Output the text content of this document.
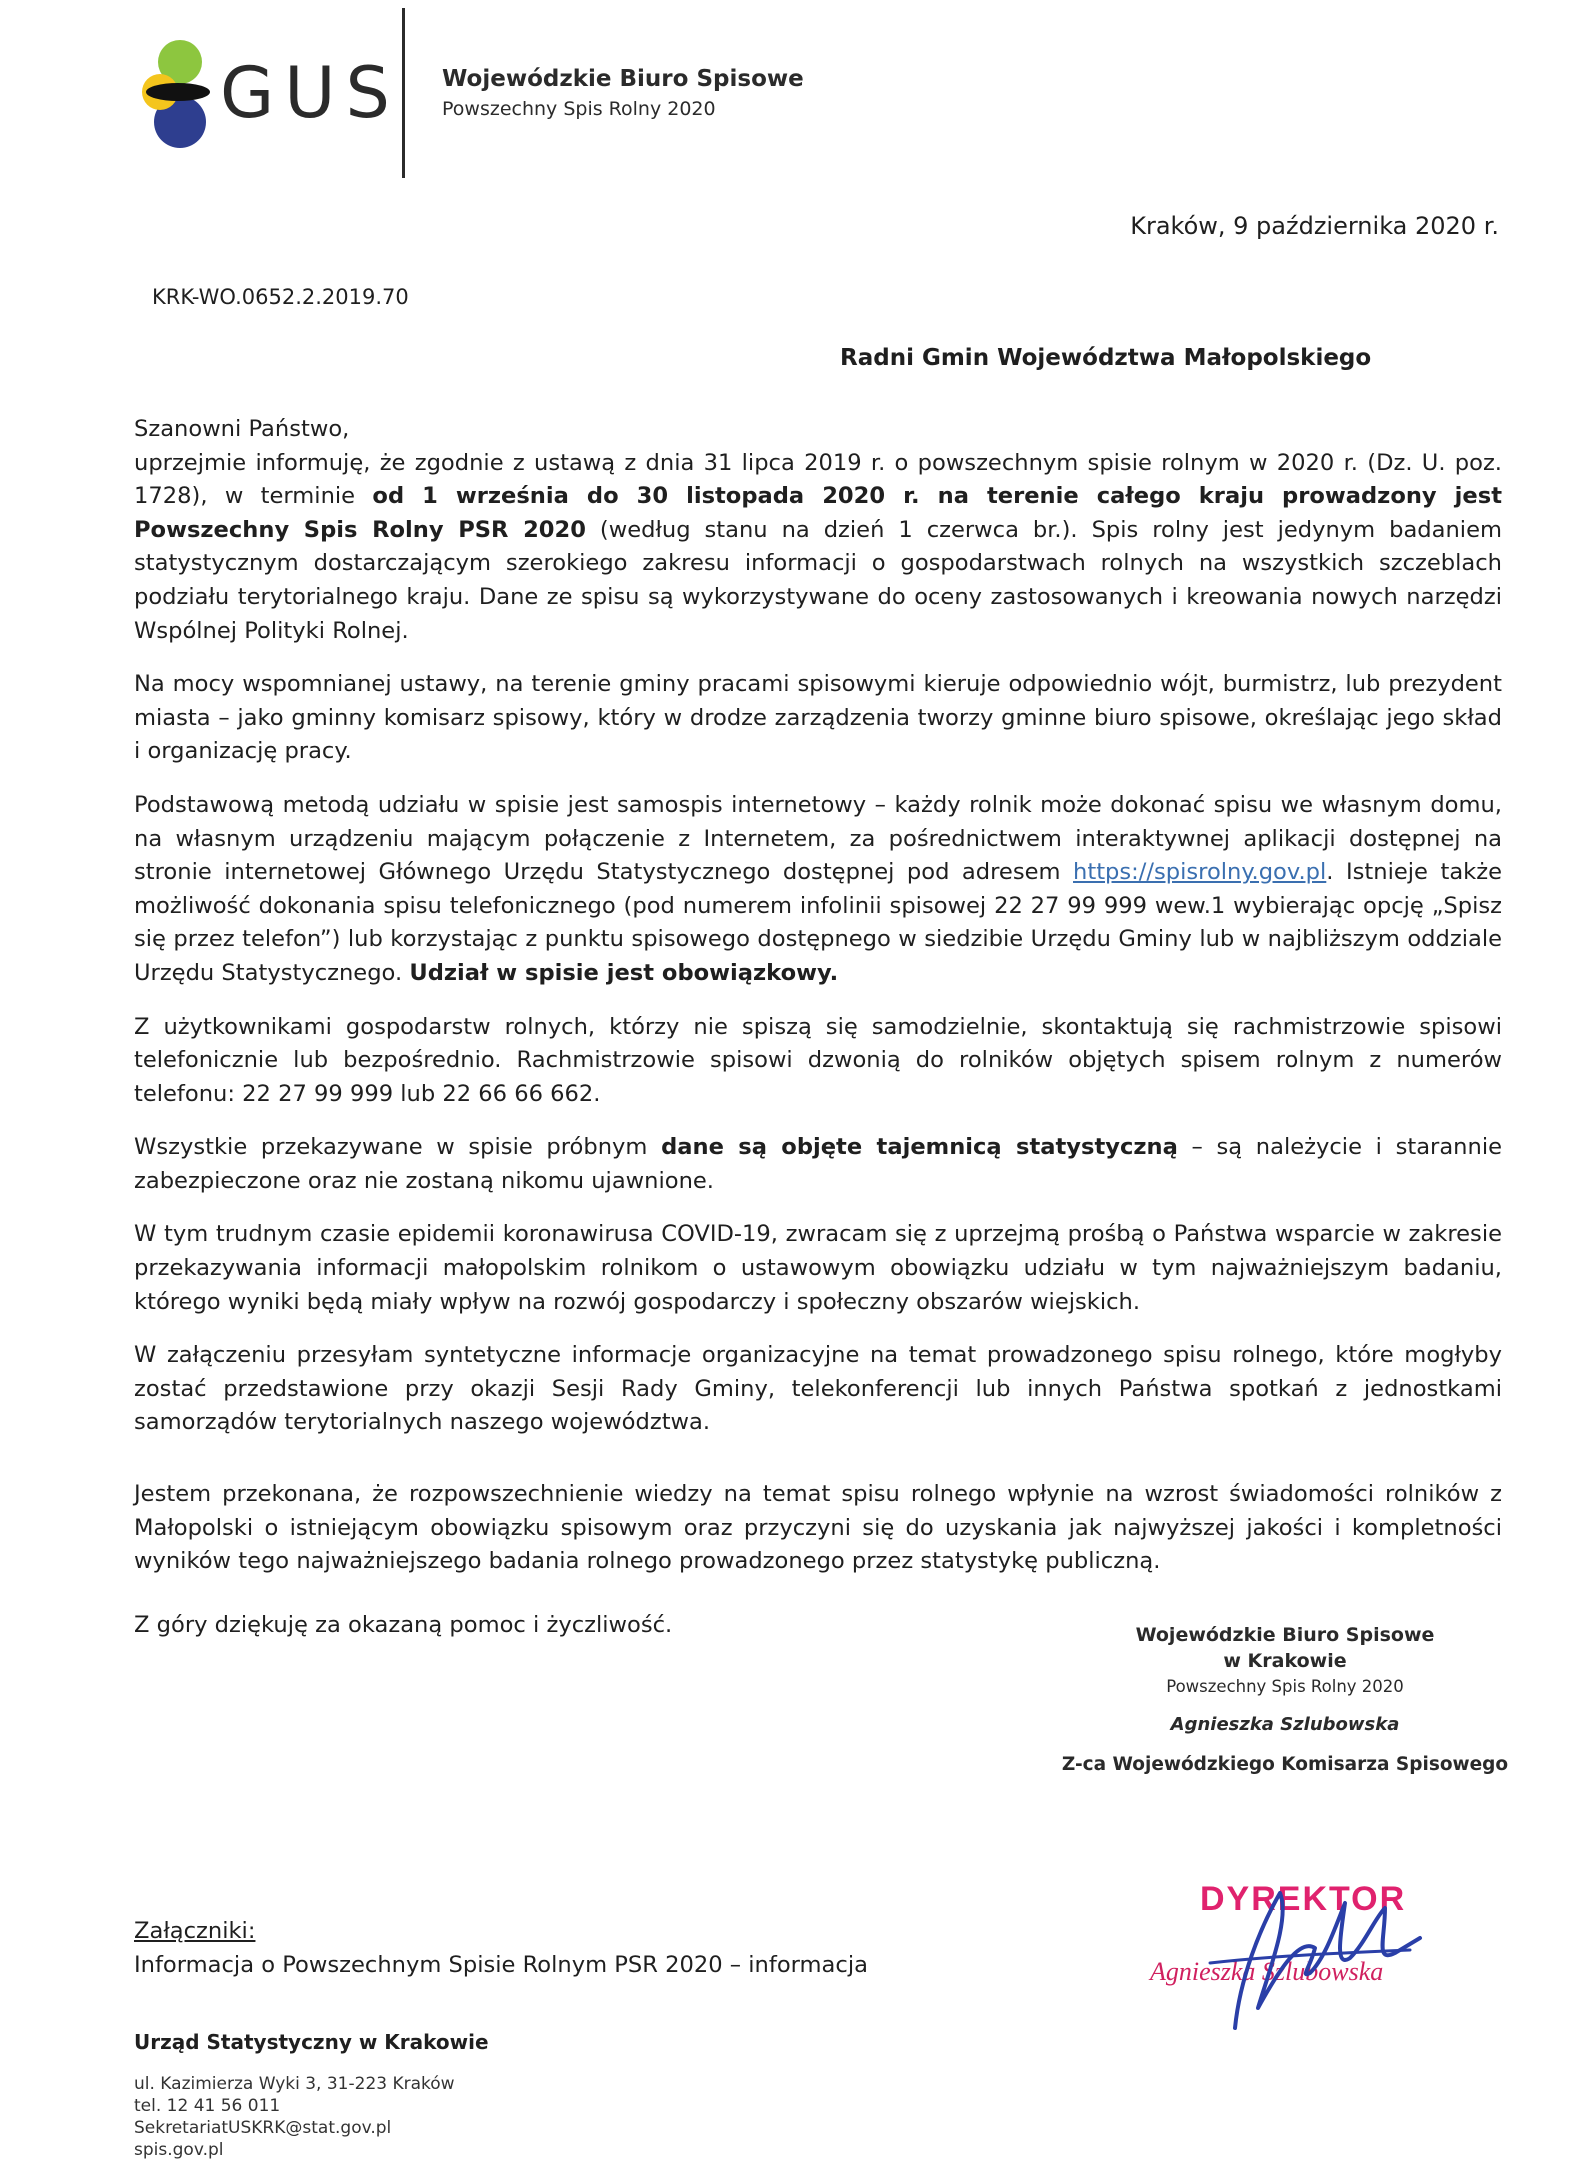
GUS Wojewódzkie Biuro Spisowe
Powszechny Spis Rolny 2020
Kraków, 9 października 2020 r.
KRK-WO.0652.2.2019.70
Radni Gmin Województwa Małopolskiego

Szanowni Państwo,

uprzejmie informuję, że zgodnie z ustawą z dnia 31 lipca 2019 r. o powszechnym spisie rolnym w 2020 r. (Dz. U. poz. 1728), w terminie od 1 września do 30 listopada 2020 r. na terenie całego kraju prowadzony jest Powszechny Spis Rolny PSR 2020 (według stanu na dzień 1 czerwca br.). Spis rolny jest jedynym badaniem statystycznym dostarczającym szerokiego zakresu informacji o gospodarstwach rolnych na wszystkich szczeblach podziału terytorialnego kraju. Dane ze spisu są wykorzystywane do oceny zastosowanych i kreowania nowych narzędzi Wspólnej Polityki Rolnej.

Na mocy wspomnianej ustawy, na terenie gminy pracami spisowymi kieruje odpowiednio wójt, burmistrz, lub prezydent miasta – jako gminny komisarz spisowy, który w drodze zarządzenia tworzy gminne biuro spisowe, określając jego skład i organizację pracy.

Podstawową metodą udziału w spisie jest samospis internetowy – każdy rolnik może dokonać spisu we własnym domu, na własnym urządzeniu mającym połączenie z Internetem, za pośrednictwem interaktywnej aplikacji dostępnej na stronie internetowej Głównego Urzędu Statystycznego dostępnej pod adresem https://spisrolny.gov.pl. Istnieje także możliwość dokonania spisu telefonicznego (pod numerem infolinii spisowej 22 27 99 999 wew.1 wybierając opcję „Spisz się przez telefon”) lub korzystając z punktu spisowego dostępnego w siedzibie Urzędu Gminy lub w najbliższym oddziale Urzędu Statystycznego. Udział w spisie jest obowiązkowy.

Z użytkownikami gospodarstw rolnych, którzy nie spiszą się samodzielnie, skontaktują się rachmistrzowie spisowi telefonicznie lub bezpośrednio. Rachmistrzowie spisowi dzwonią do rolników objętych spisem rolnym z numerów telefonu: 22 27 99 999 lub 22 66 66 662.

Wszystkie przekazywane w spisie próbnym dane są objęte tajemnicą statystyczną – są należycie i starannie zabezpieczone oraz nie zostaną nikomu ujawnione.

W tym trudnym czasie epidemii koronawirusa COVID-19, zwracam się z uprzejmą prośbą o Państwa wsparcie w zakresie przekazywania informacji małopolskim rolnikom o ustawowym obowiązku udziału w tym najważniejszym badaniu, którego wyniki będą miały wpływ na rozwój gospodarczy i społeczny obszarów wiejskich.

W załączeniu przesyłam syntetyczne informacje organizacyjne na temat prowadzonego spisu rolnego, które mogłyby zostać przedstawione przy okazji Sesji Rady Gminy, telekonferencji lub innych Państwa spotkań z jednostkami samorządów terytorialnych naszego województwa.

Jestem przekonana, że rozpowszechnienie wiedzy na temat spisu rolnego wpłynie na wzrost świadomości rolników z Małopolski o istniejącym obowiązku spisowym oraz przyczyni się do uzyskania jak najwyższej jakości i kompletności wyników tego najważniejszego badania rolnego prowadzonego przez statystykę publiczną.

Z góry dziękuję za okazaną pomoc i życzliwość.	Wojewódzkie Biuro Spisowe
w Krakowie
Powszechny Spis Rolny 2020
Agnieszka Szlubowska
Z-ca Wojewódzkiego Komisarza Spisowego
DYREKTOR
Agnieszka Szlubowska
Załączniki:
Informacja o Powszechnym Spisie Rolnym PSR 2020 – informacja
Urząd Statystyczny w Krakowie
ul. Kazimierza Wyki 3, 31-223 Kraków
tel. 12 41 56 011
SekretariatUSKRK@stat.gov.pl
spis.gov.pl
